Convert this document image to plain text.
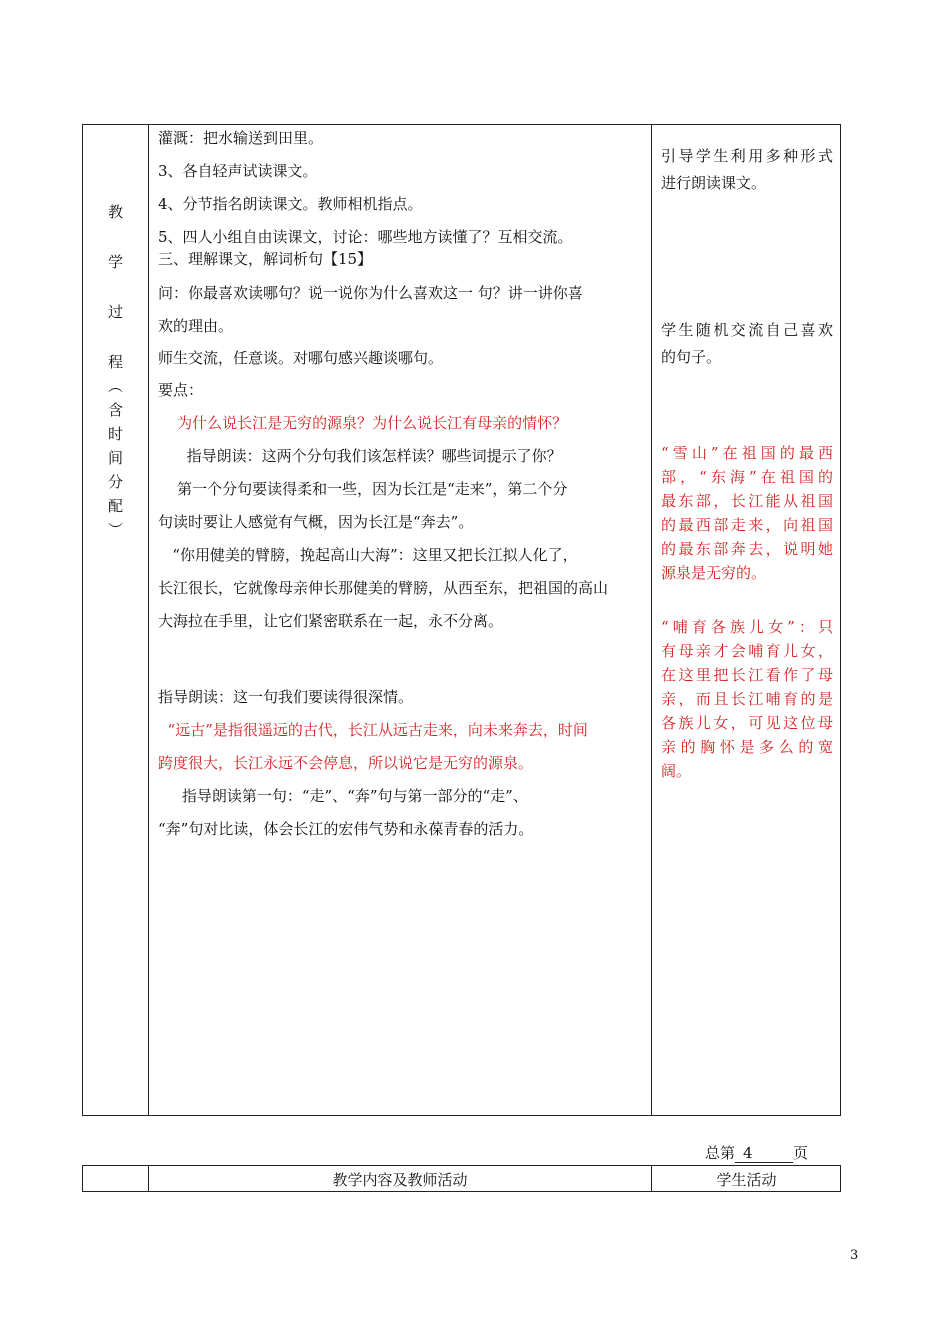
教
学
过
程
︵
含
时
间
分
配
︶
灌溉：把水输送到田里。
3、各自轻声试读课文。
4、分节指名朗读课文。教师相机指点。
5、四人小组自由读课文，讨论：哪些地方读懂了？互相交流。
三、理解课文，解词析句【15】
问：你最喜欢读哪句？说一说你为什么喜欢这一 句？讲一讲你喜
欢的理由。
师生交流，任意谈。对哪句感兴趣谈哪句。
要点：
为什么说长江是无穷的源泉？为什么说长江有母亲的情怀？
指导朗读：这两个分句我们该怎样读？哪些词提示了你？
第一个分句要读得柔和一些，因为长江是“走来”，第二个分
句读时要让人感觉有气概，因为长江是“奔去”。
“你用健美的臂膀，挽起高山大海”：这里又把长江拟人化了，
长江很长，它就像母亲伸长那健美的臂膀，从西至东，把祖国的高山
大海拉在手里，让它们紧密联系在一起，永不分离。
指导朗读：这一句我们要读得很深情。
“远古”是指很遥远的古代，长江从远古走来，向未来奔去，时间
跨度很大，长江永远不会停息，所以说它是无穷的源泉。
指导朗读第一句：“走”、“奔”句与第一部分的“走”、
“奔”句对比读，体会长江的宏伟气势和永葆青春的活力。
引导学生利用多种形式
进行朗读课文。
学生随机交流自己喜欢
的句子。
“雪山”在祖国的最西
部，“东海”在祖国的
最东部，长江能从祖国
的最西部走来，向祖国
的最东部奔去，说明她
源泉是无穷的。
“哺育各族儿女”：只
有母亲才会哺育儿女，
在这里把长江看作了母
亲，而且长江哺育的是
各族儿女，可见这位母
亲的胸怀是多么的宽
阔。
总第 4	页
教学内容及教师活动	学生活动
3
